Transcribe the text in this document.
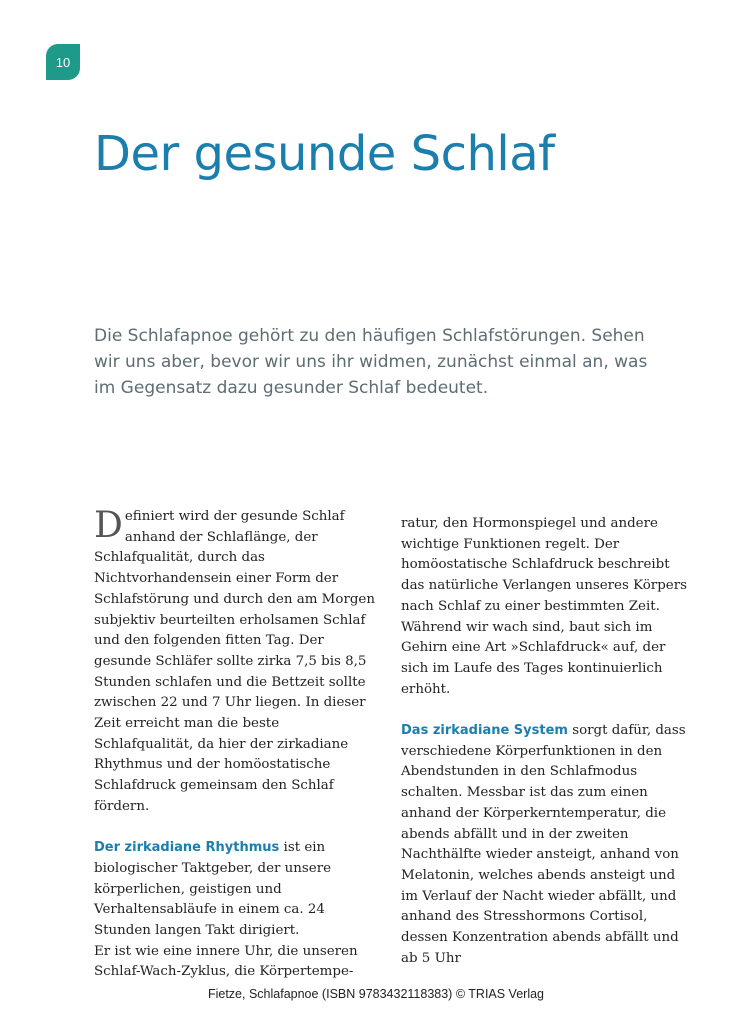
10
Der gesunde Schlaf

Die Schlafapnoe gehört zu den häufigen Schlafstörungen. Sehen wir uns aber, bevor wir uns ihr widmen, zunächst einmal an, was im Gegensatz dazu gesunder Schlaf bedeutet.

Definiert wird der gesunde Schlaf anhand der Schlaflänge, der Schlafqualität, durch das Nichtvorhandensein einer Form der Schlafstörung und durch den am Morgen subjektiv beurteilten erholsamen Schlaf und den folgenden fitten Tag. Der gesunde Schläfer sollte zirka 7,5 bis 8,5 Stunden schlafen und die Bettzeit sollte zwischen 22 und 7 Uhr liegen. In dieser Zeit erreicht man die beste Schlafqualität, da hier der zirkadiane Rhythmus und der homöostatische Schlafdruck gemeinsam den Schlaf fördern.

Der zirkadiane Rhythmus ist ein biologischer Taktgeber, der unsere körperlichen, geistigen und Verhaltensabläufe in einem ca. 24 Stunden langen Takt dirigiert.

Er ist wie eine innere Uhr, die unseren Schlaf-Wach-Zyklus, die Körpertempe-

ratur, den Hormonspiegel und andere wichtige Funktionen regelt. Der homöostatische Schlafdruck beschreibt das natürliche Verlangen unseres Körpers nach Schlaf zu einer bestimmten Zeit. Während wir wach sind, baut sich im Gehirn eine Art »Schlafdruck« auf, der sich im Laufe des Tages kontinuierlich erhöht.

Das zirkadiane System sorgt dafür, dass verschiedene Körperfunktionen in den Abendstunden in den Schlafmodus schalten. Messbar ist das zum einen anhand der Körperkerntemperatur, die abends abfällt und in der zweiten Nachthälfte wieder ansteigt, anhand von Melatonin, welches abends ansteigt und im Verlauf der Nacht wieder abfällt, und anhand des Stresshormons Cortisol, dessen Konzentration abends abfällt und ab 5 Uhr

Fietze, Schlafapnoe (ISBN 9783432118383) © TRIAS Verlag
